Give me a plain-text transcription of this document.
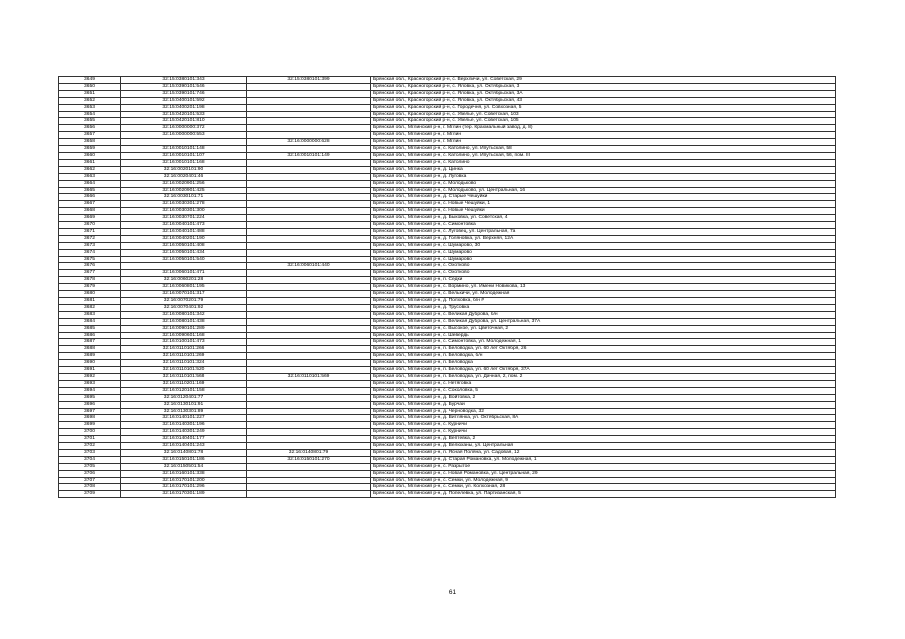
3649	32:15:0380101:343	32:15:0380101:399	Брянская обл., Красногорский р-н, с. Верхличи, ул. Советская, 29
3650	32:15:0390101:546		Брянская обл., Красногорский р-н, с. Яловка, ул. Октябрьская, 3
3651	32:15:0390101:746		Брянская обл., Красногорский р-н, с. Яловка, ул. Октябрьская, 3А
3652	32:15:0400101:592		Брянская обл., Красногорский р-н, с. Яловка, ул. Октябрьская, 43
3653	32:15:0400201:198		Брянская обл., Красногорский р-н, с. Городечня, ул. Совхозная, 5
3654	32:15:0420101:533		Брянская обл., Красногорский р-н, с. Увелье, ул. Советская, 103
3655	32:15:0420101:810		Брянская обл., Красногорский р-н, с. Увелье, ул. Советская, 105
3656	32:16:0000000:372		Брянская обл., Мглинский р-н, г. Мглин (тер. Крахмальный завод, д. 8)
3657	32:16:0000000:553		Брянская обл., Мглинский р-н, г. Мглин
3658		32:16:0000000:628	Брянская обл., Мглинский р-н, г. Мглин
3659	32:16:0010101:148		Брянская обл., Мглинский р-н, с. Католино, ул. Ипутьская, 58
3660	32:16:0010101:107	32:16:0010101:149	Брянская обл., Мглинский р-н, с. Католино, ул. Ипутьская, 56, пом. III
3661	32:16:0010101:168		Брянская обл., Мглинский р-н, с. Католино
3662	32:16:0020101:90		Брянская обл., Мглинский р-н, д. Цинка
3663	32:16:0020401:46		Брянская обл., Мглинский р-н, д. Луговка
3664	32:16:0020901:256		Брянская обл., Мглинский р-н, с. Молодьково
3665	32:16:0020901:425		Брянская обл., Мглинский р-н, с. Молодьково, ул. Центральная, 16
3666	32:16:0030101:71		Брянская обл., Мглинский р-н, д. Старые Чешуйки
3667	32:16:0030301:278		Брянская обл., Мглинский р-н, с. Новые Чешуйки, 1
3668	32:16:0030301:300		Брянская обл., Мглинский р-н, с. Новые Чешуйки
3669	32:16:0030701:224		Брянская обл., Мглинский р-н, д. Быковка, ул. Советская, 4
3670	32:16:0040101:473		Брянская обл., Мглинский р-н, с. Симонтовка
3671	32:16:0040101:488		Брянская обл., Мглинский р-н, с. Луговец, ул. Центральная, 7а
3672	32:16:0040201:190		Брянская обл., Мглинский р-н, д. Голяновка, ул. Верхняя, 12А
3673	32:16:0050101:408		Брянская обл., Мглинский р-н, с. Шумарово, 30
3674	32:16:0050101:434		Брянская обл., Мглинский р-н, с. Шумарово
3675	32:16:0050101:540		Брянская обл., Мглинский р-н, с. Шумарово
3676		32:16:0060101:440	Брянская обл., Мглинский р-н, с. Охотково
3677	32:16:0060101:471		Брянская обл., Мглинский р-н, с. Охотково
3678	32:16:0060201:28		Брянская обл., Мглинский р-н, п. Седки
3679	32:16:0060801:195		Брянская обл., Мглинский р-н, с. Вормино, ул. Имени Новикова, 13
3680	32:16:0070101:317		Брянская обл., Мглинский р-н, с. Велькичи, ул. Молодежная
3681	32:16:0070201:79		Брянская обл., Мглинский р-н, д. Полховка, б/н #
3682	32:16:0070401:92		Брянская обл., Мглинский р-н, д. Трусовка
3683	32:16:0080101:342		Брянская обл., Мглинский р-н, с. Великая Дуброва, б/н
3684	32:16:0080101:438		Брянская обл., Мглинский р-н, с. Великая Дуброва, ул. Центральная, 37А
3685	32:16:0090101:289		Брянская обл., Мглинский р-н, с. Высокое, ул. Цветочная, 2
3686	32:16:0090601:168		Брянская обл., Мглинский р-н, с. Шевердь
3687	32:16:0100101:473		Брянская обл., Мглинский р-н, с. Симонтовка, ул. Молодежная, 1
3688	32:16:0110101:266		Брянская обл., Мглинский р-н, п. Беловодка, ул. 60 лет Октября, 26
3689	32:16:0110101:269		Брянская обл., Мглинский р-н, п. Беловодка, б/н
3690	32:16:0110101:324		Брянская обл., Мглинский р-н, п. Беловодка
3691	32:16:0110101:520		Брянская обл., Мглинский р-н, п. Беловодка, ул. 60 лет Октября, 37А
3692	32:16:0110101:568	32:16:0110101:569	Брянская обл., Мглинский р-н, п. Беловодка, ул. Дачная, 2, пом. 2
3693	32:16:0110201:169		Брянская обл., Мглинский р-н, с. Нетяговка
3694	32:16:0120101:158		Брянская обл., Мглинский р-н, с. Соколовка, 5
3695	32:16:0120401:77		Брянская обл., Мглинский р-н, д. Войтовка, 2
3696	32:16:0130101:91		Брянская обл., Мглинский р-н, д. Бурчаи
3697	32:16:0130301:89		Брянская обл., Мглинский р-н, д. Черноводка, 32
3698	32:16:0140101:227		Брянская обл., Мглинский р-н, д. Витлянка, ул. Октябрьская, 8А
3699	32:16:0140301:196		Брянская обл., Мглинский р-н, с. Курничи
3700	32:16:0140301:249		Брянская обл., Мглинский р-н, с. Курничи
3701	32:16:0140401:177		Брянская обл., Мглинский р-н, д. Вептевка, 2
3702	32:16:0140401:243		Брянская обл., Мглинский р-н, д. Велюханы, ул. Центральная
3703	32:16:0140801:78	32:16:0140801:79	Брянская обл., Мглинский р-н, п. Ясная Поляна, ул. Садовая, 12
3704	32:16:0150101:186	32:16:0150101:270	Брянская обл., Мглинский р-н, д. Старая Романовка, ул. Молодежная, 1
3705	32:16:0150501:54		Брянская обл., Мглинский р-н, с. Разрытое
3706	32:16:0160101:338		Брянская обл., Мглинский р-н, с. Новая Романовка, ул. Центральная, 29
3707	32:16:0170101:200		Брянская обл., Мглинский р-н, с. Семки, ул. Молодежная, 9
3708	32:16:0170101:296		Брянская обл., Мглинский р-н, с. Семки, ул. Колхозная, 28
3709	32:16:0170301:189		Брянская обл., Мглинский р-н, д. Попелевка, ул. Партизанская, 5
61
